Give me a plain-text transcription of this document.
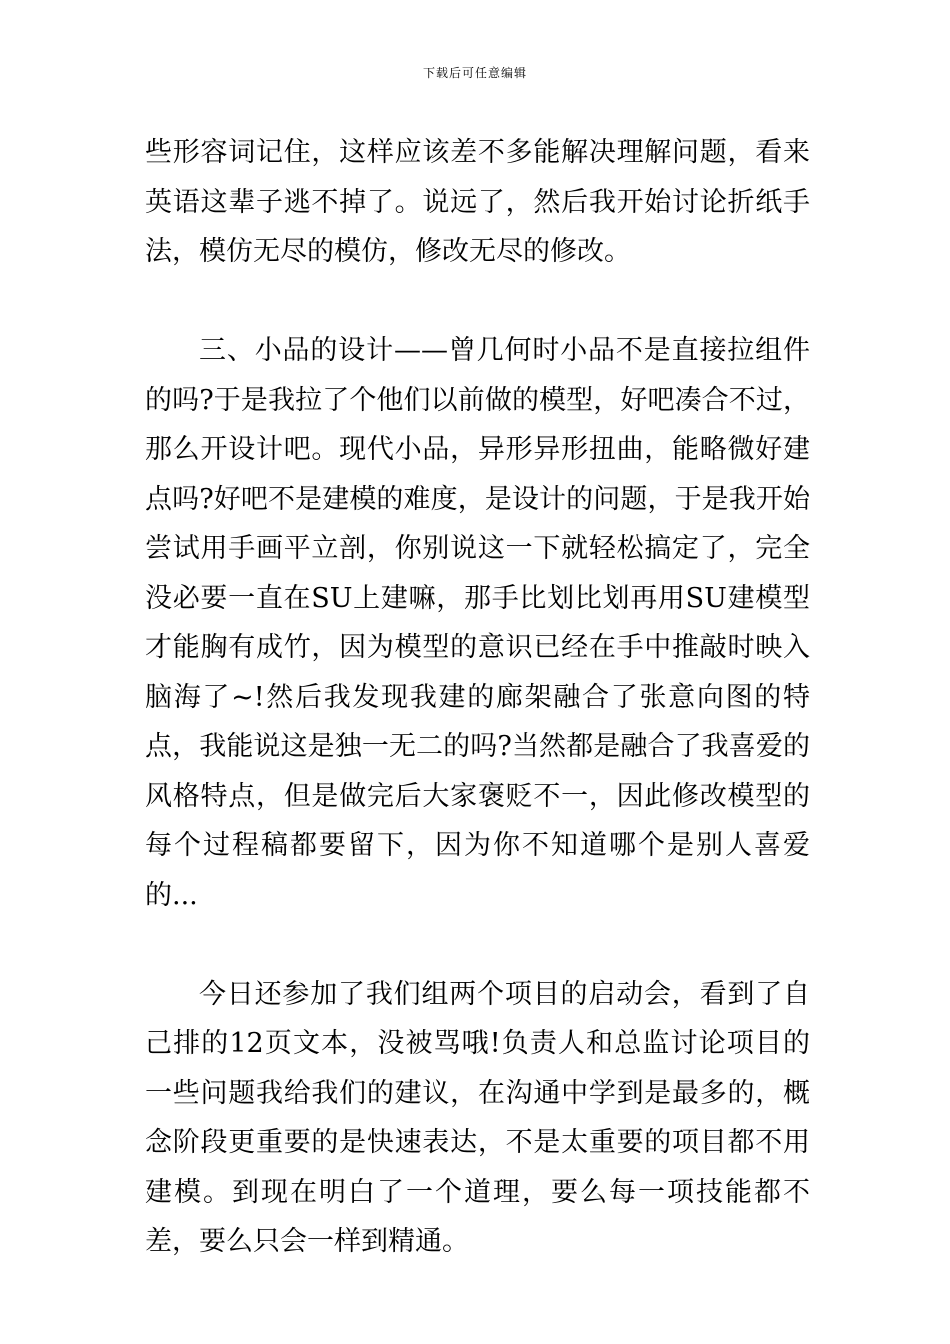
下载后可任意编辑

些形容词记住，这样应该差不多能解决理解问题，看来英语这辈子逃不掉了。说远了，然后我开始讨论折纸手法，模仿无尽的模仿，修改无尽的修改。

三、小品的设计——曾几何时小品不是直接拉组件的吗?于是我拉了个他们以前做的模型，好吧凑合不过，那么开设计吧。现代小品，异形异形扭曲，能略微好建点吗?好吧不是建模的难度，是设计的问题，于是我开始尝试用手画平立剖，你别说这一下就轻松搞定了，完全没必要一直在SU上建嘛，那手比划比划再用SU建模型才能胸有成竹，因为模型的意识已经在手中推敲时映入脑海了~!然后我发现我建的廊架融合了张意向图的特点，我能说这是独一无二的吗?当然都是融合了我喜爱的风格特点，但是做完后大家褒贬不一，因此修改模型的每个过程稿都要留下，因为你不知道哪个是别人喜爱的...

今日还参加了我们组两个项目的启动会，看到了自己排的12页文本，没被骂哦!负责人和总监讨论项目的一些问题我给我们的建议，在沟通中学到是最多的，概念阶段更重要的是快速表达，不是太重要的项目都不用建模。到现在明白了一个道理，要么每一项技能都不差，要么只会一样到精通。
